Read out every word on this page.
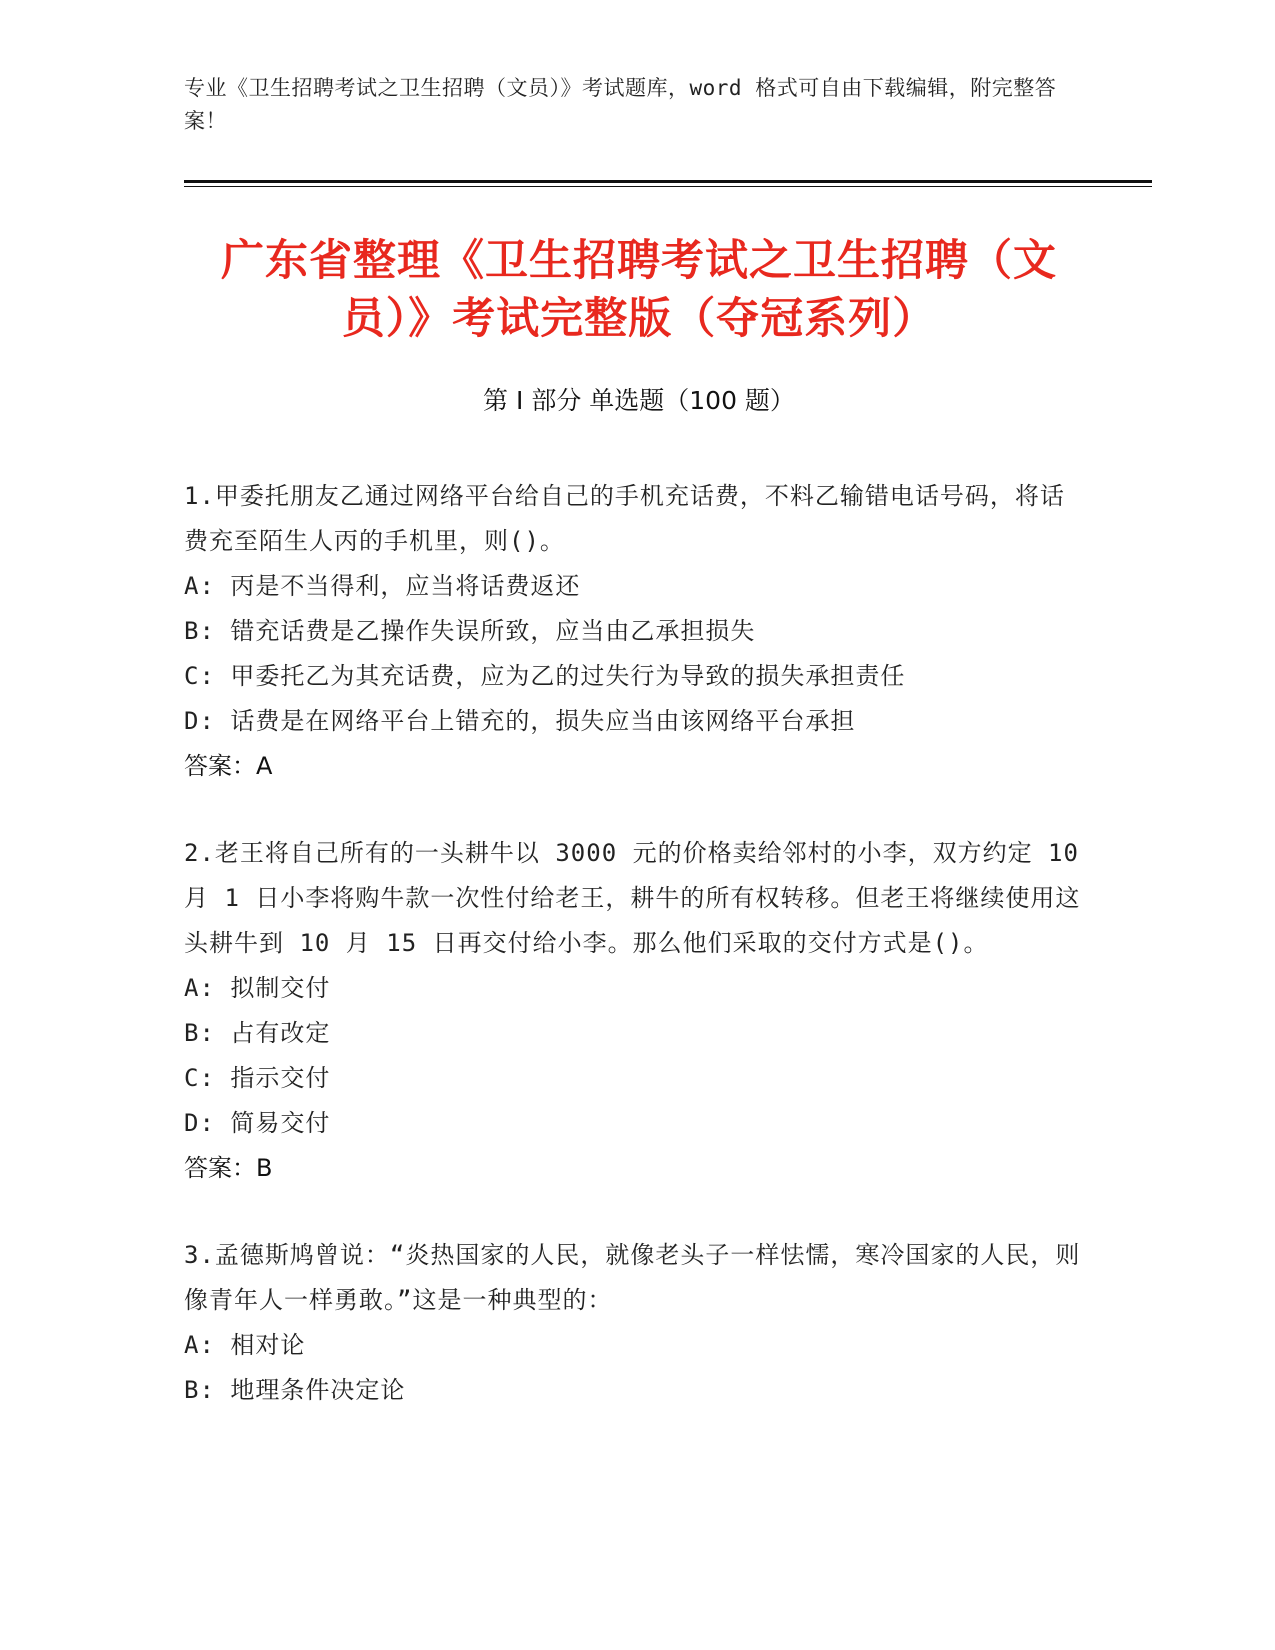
专业《卫生招聘考试之卫生招聘（文员）》考试题库，word 格式可自由下载编辑，附完整答案！
广东省整理《卫生招聘考试之卫生招聘（文员）》考试完整版（夺冠系列）
第 I 部分 单选题（100 题）
1.甲委托朋友乙通过网络平台给自己的手机充话费，不料乙输错电话号码，将话费充至陌生人丙的手机里，则()。
A: 丙是不当得利，应当将话费返还
B: 错充话费是乙操作失误所致，应当由乙承担损失
C: 甲委托乙为其充话费，应为乙的过失行为导致的损失承担责任
D: 话费是在网络平台上错充的，损失应当由该网络平台承担
答案：A
2.老王将自己所有的一头耕牛以 3000 元的价格卖给邻村的小李，双方约定 10 月 1 日小李将购牛款一次性付给老王，耕牛的所有权转移。但老王将继续使用这头耕牛到 10 月 15 日再交付给小李。那么他们采取的交付方式是()。
A: 拟制交付
B: 占有改定
C: 指示交付
D: 简易交付
答案：B
3.孟德斯鸠曾说：“炎热国家的人民，就像老头子一样怯懦，寒冷国家的人民，则像青年人一样勇敢。”这是一种典型的：
A: 相对论
B: 地理条件决定论
